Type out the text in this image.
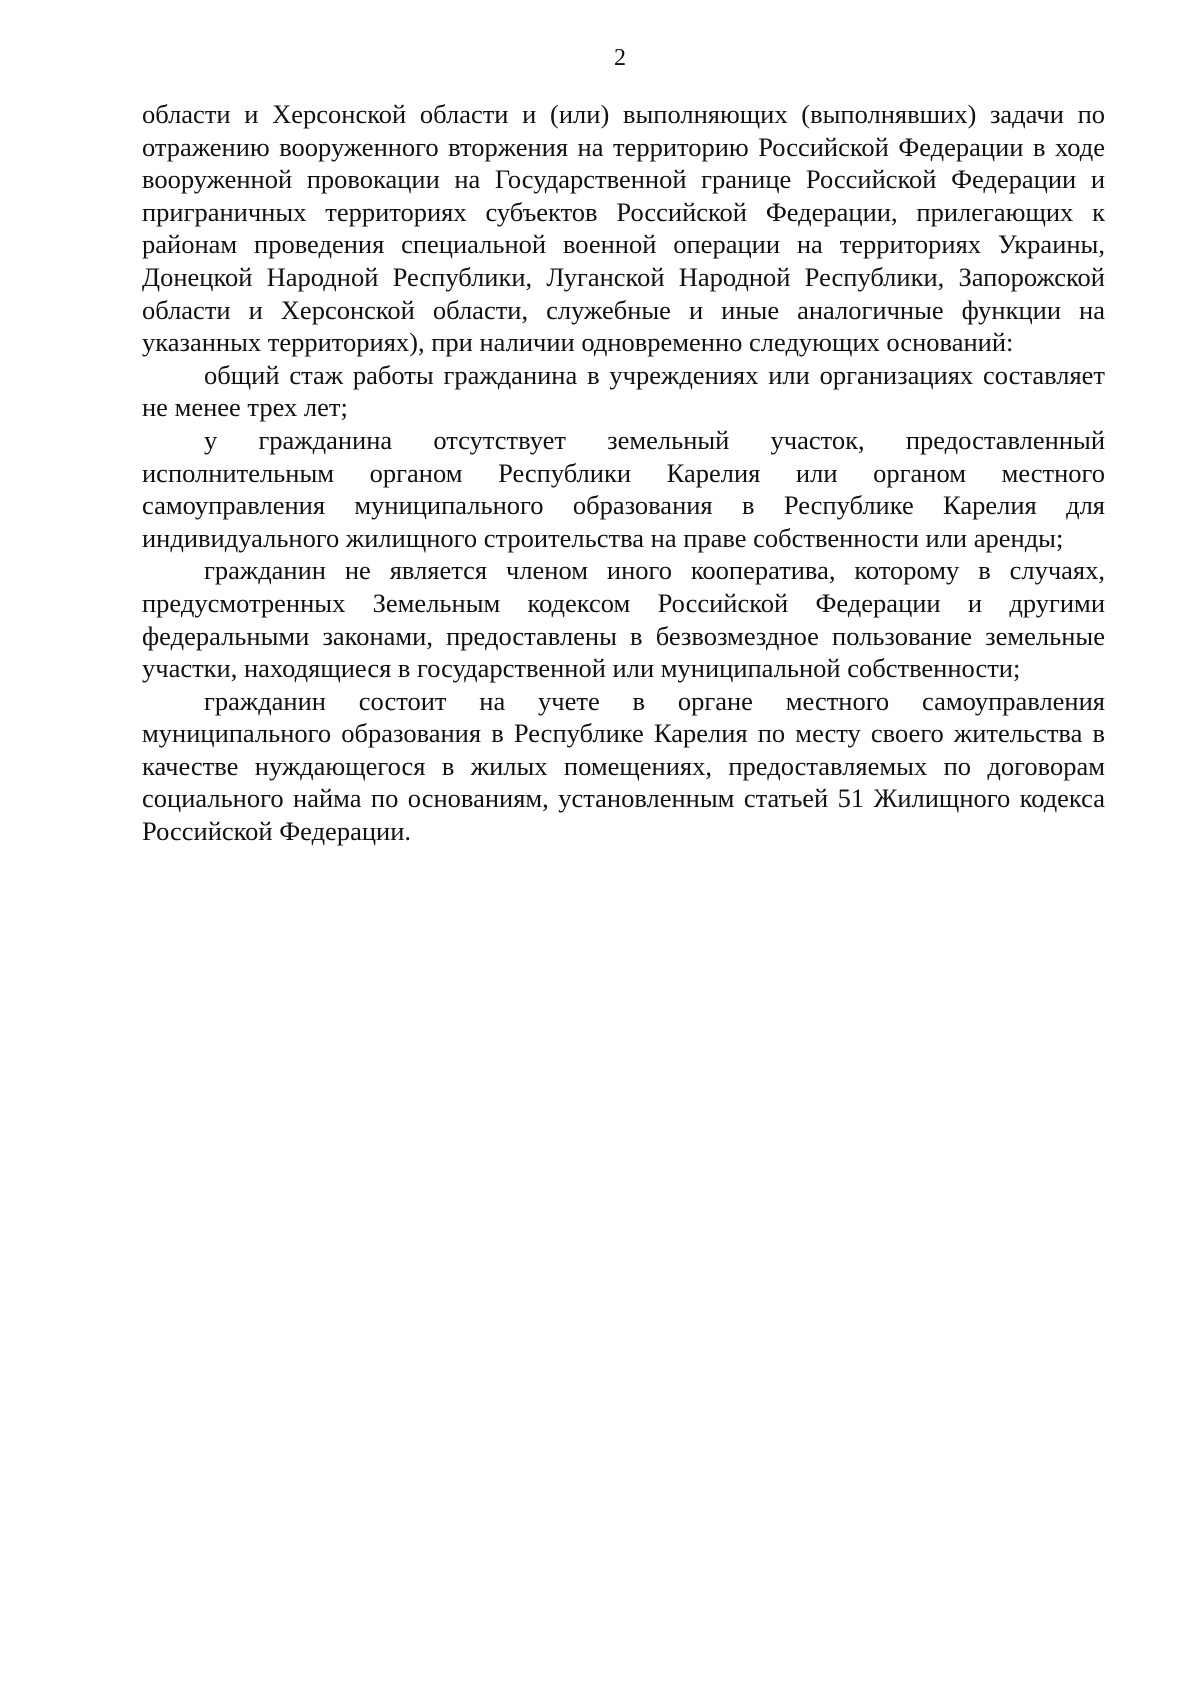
2

области и Херсонской области и (или) выполняющих (выполнявших) задачи по отражению вооруженного вторжения на территорию Российской Федерации в ходе вооруженной провокации на Государственной границе Российской Федерации и приграничных территориях субъектов Российской Федерации, прилегающих к районам проведения специальной военной операции на территориях Украины, Донецкой Народной Республики, Луганской Народной Республики, Запорожской области и Херсонской области, служебные и иные аналогичные функции на указанных территориях), при наличии одновременно следующих оснований:

общий стаж работы гражданина в учреждениях или организациях составляет не менее трех лет;

у гражданина отсутствует земельный участок, предоставленный исполнительным органом Республики Карелия или органом местного самоуправления муниципального образования в Республике Карелия для индивидуального жилищного строительства на праве собственности или аренды;

гражданин не является членом иного кооператива, которому в случаях, предусмотренных Земельным кодексом Российской Федерации и другими федеральными законами, предоставлены в безвозмездное пользование земельные участки, находящиеся в государственной или муниципальной собственности;

гражданин состоит на учете в органе местного самоуправления муниципального образования в Республике Карелия по месту своего жительства в качестве нуждающегося в жилых помещениях, предоставляемых по договорам социального найма по основаниям, установленным статьей 51 Жилищного кодекса Российской Федерации.
